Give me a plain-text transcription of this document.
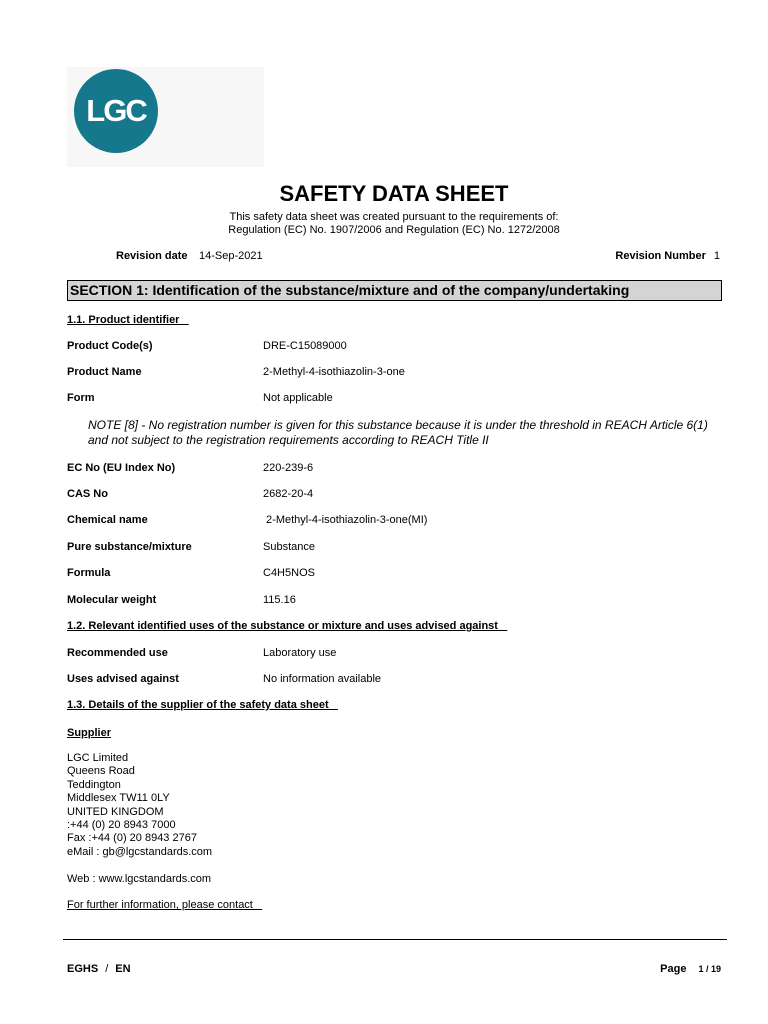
LGC
SAFETY DATA SHEET
This safety data sheet was created pursuant to the requirements of:
Regulation (EC) No. 1907/2006 and Regulation (EC) No. 1272/2008
Revision date 14-Sep-2021	Revision Number 1
SECTION 1: Identification of the substance/mixture and of the company/undertaking
1.1. Product identifier
Product Code(s)	DRE-C15089000
Product Name	2-Methyl-4-isothiazolin-3-one
Form	Not applicable
NOTE [8] - No registration number is given for this substance because it is under the threshold in REACH Article 6(1) and not subject to the registration requirements according to REACH Title II
EC No (EU Index No)	220-239-6
CAS No	2682-20-4
Chemical name	2-Methyl-4-isothiazolin-3-one(MI)
Pure substance/mixture	Substance
Formula	C4H5NOS
Molecular weight	115.16
1.2. Relevant identified uses of the substance or mixture and uses advised against
Recommended use	Laboratory use
Uses advised against	No information available
1.3. Details of the supplier of the safety data sheet
Supplier
LGC Limited
Queens Road
Teddington
Middlesex TW11 0LY
UNITED KINGDOM
:+44 (0) 20 8943 7000
Fax :+44 (0) 20 8943 2767
eMail : gb@lgcstandards.com
Web : www.lgcstandards.com
For further information, please contact
EGHS / EN	Page 1 / 19
